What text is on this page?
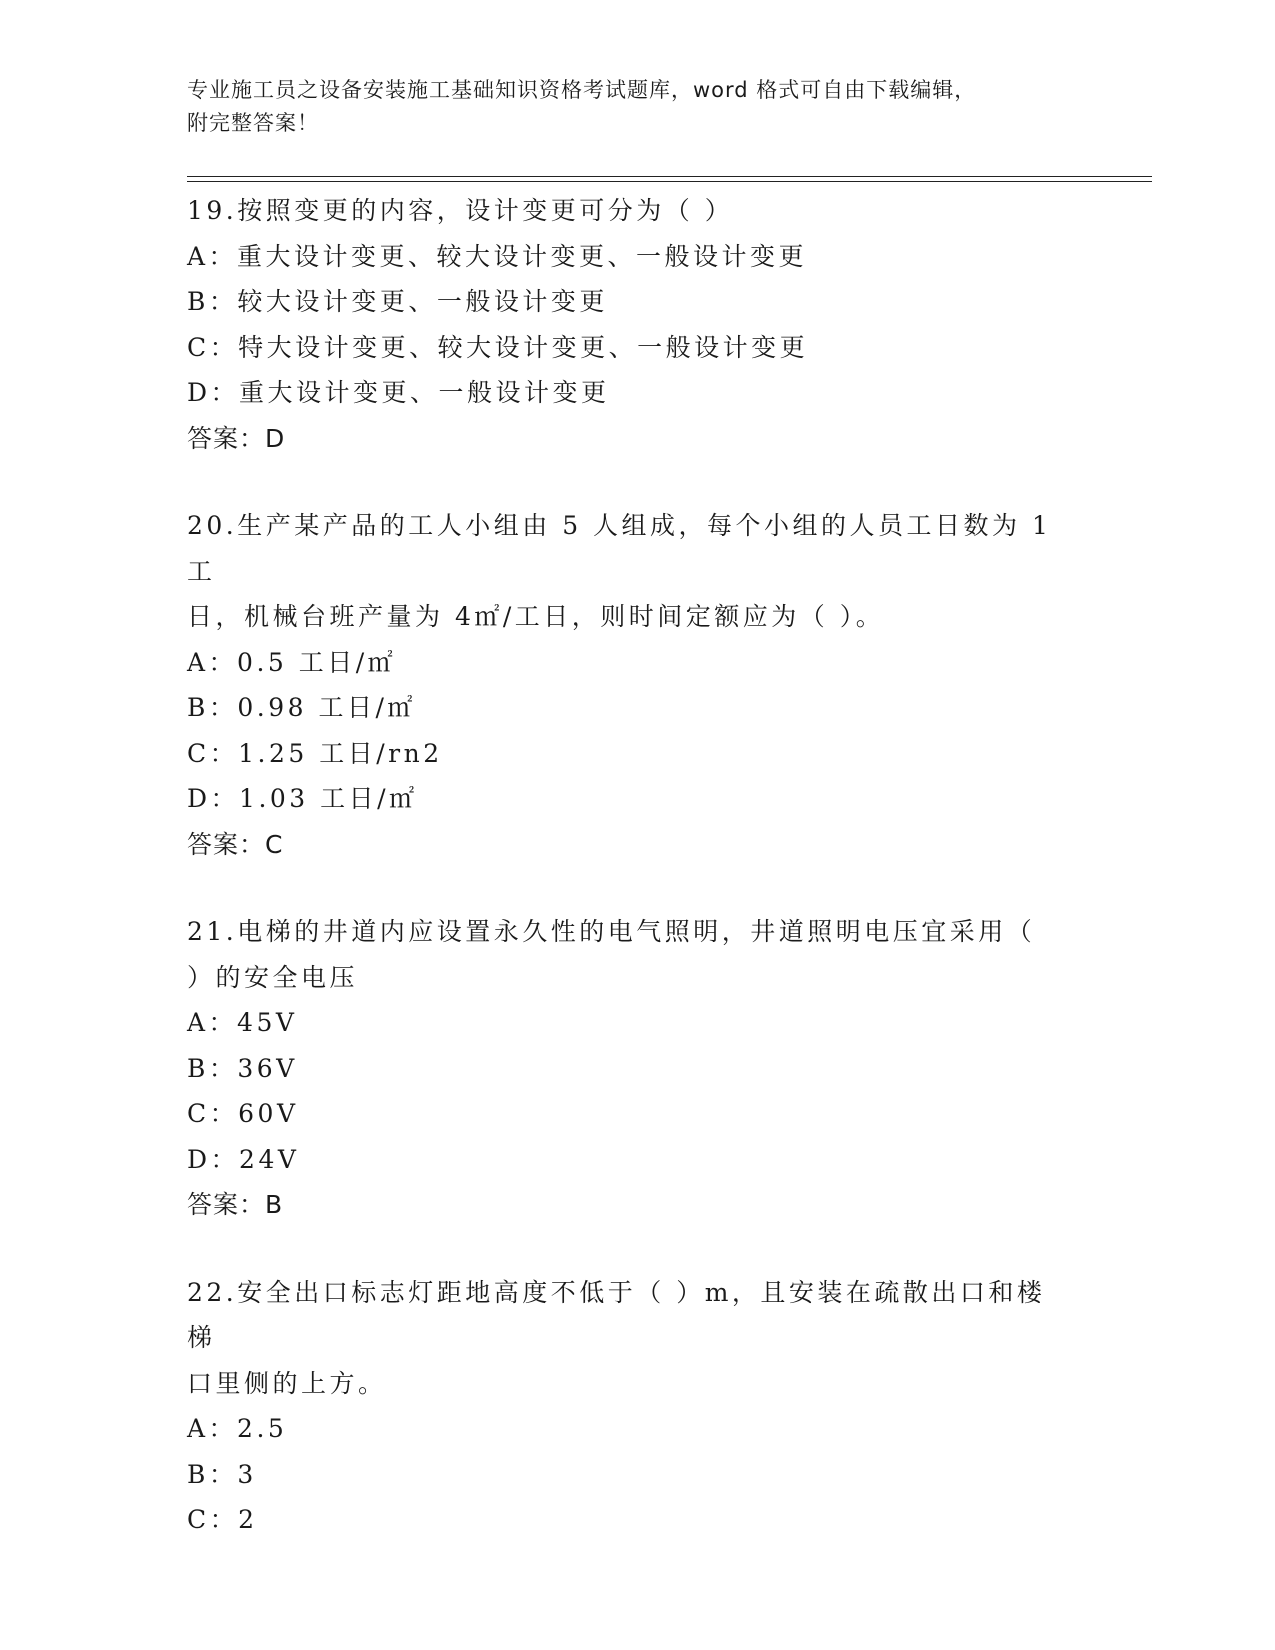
专业施工员之设备安装施工基础知识资格考试题库，word 格式可自由下载编辑，
附完整答案！
19.按照变更的内容，设计变更可分为（ ）
A：重大设计变更、较大设计变更、一般设计变更
B：较大设计变更、一般设计变更
C：特大设计变更、较大设计变更、一般设计变更
D：重大设计变更、一般设计变更
答案：D
20.生产某产品的工人小组由 5 人组成，每个小组的人员工日数为 1 工
日，机械台班产量为 4㎡/工日，则时间定额应为（ ）。
A：0.5 工日/㎡
B：0.98 工日/㎡
C：1.25 工日/rn2
D：1.03 工日/㎡
答案：C
21.电梯的井道内应设置永久性的电气照明，井道照明电压宜采用（
）的安全电压
A：45V
B：36V
C：60V
D：24V
答案：B
22.安全出口标志灯距地高度不低于（ ）m，且安装在疏散出口和楼梯
口里侧的上方。
A：2.5
B：3
C：2
